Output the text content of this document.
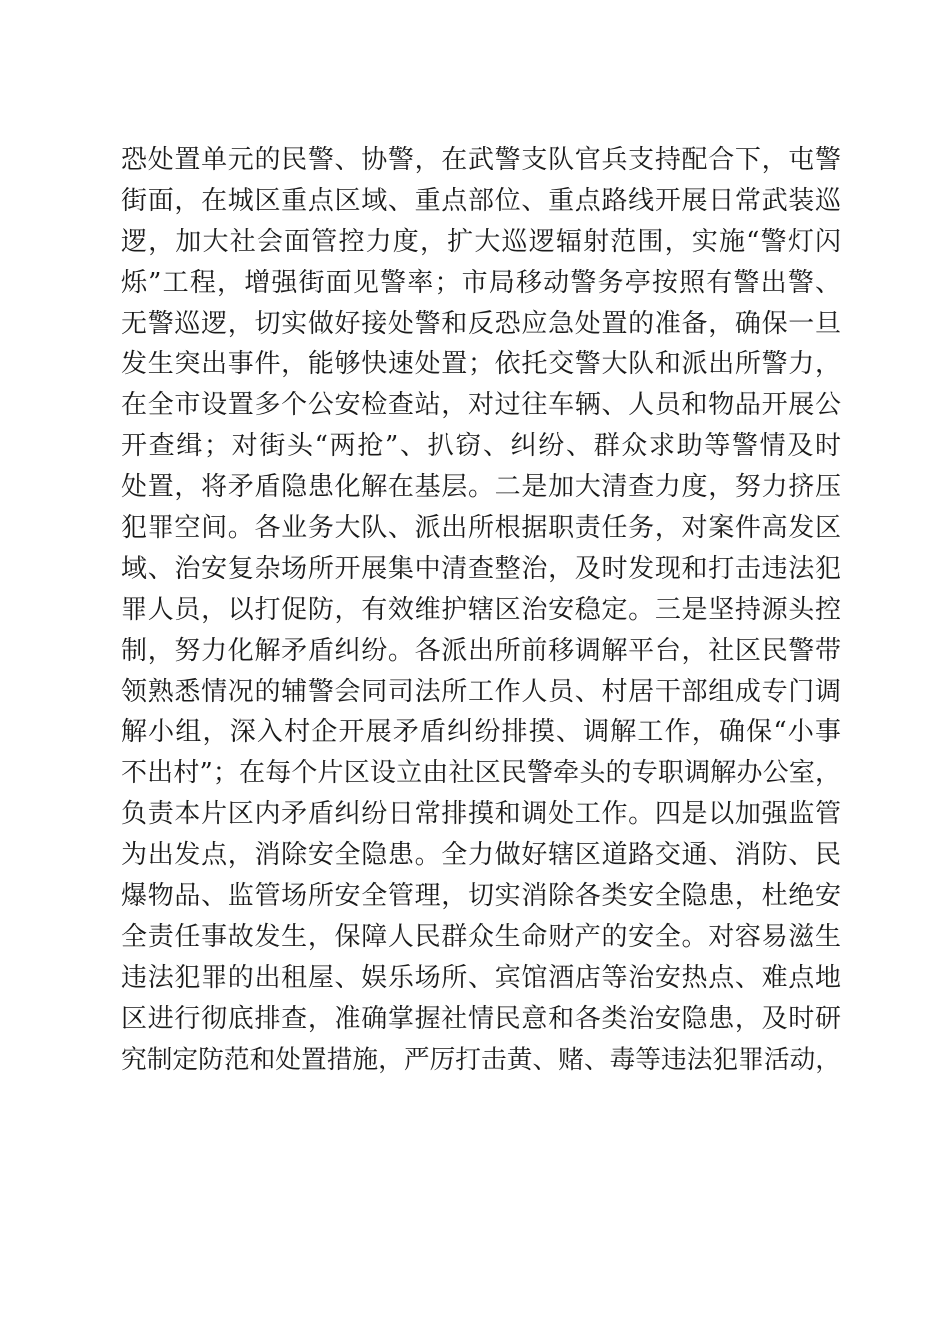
恐处置单元的民警、协警，在武警支队官兵支持配合下，屯警
街面，在城区重点区域、重点部位、重点路线开展日常武装巡
逻，加大社会面管控力度，扩大巡逻辐射范围，实施“警灯闪
烁”工程，增强街面见警率；市局移动警务亭按照有警出警、
无警巡逻，切实做好接处警和反恐应急处置的准备，确保一旦
发生突出事件，能够快速处置；依托交警大队和派出所警力，
在全市设置多个公安检查站，对过往车辆、人员和物品开展公
开查缉；对街头“两抢”、扒窃、纠纷、群众求助等警情及时
处置，将矛盾隐患化解在基层。二是加大清查力度，努力挤压
犯罪空间。各业务大队、派出所根据职责任务，对案件高发区
域、治安复杂场所开展集中清查整治，及时发现和打击违法犯
罪人员，以打促防，有效维护辖区治安稳定。三是坚持源头控
制，努力化解矛盾纠纷。各派出所前移调解平台，社区民警带
领熟悉情况的辅警会同司法所工作人员、村居干部组成专门调
解小组，深入村企开展矛盾纠纷排摸、调解工作，确保“小事
不出村”；在每个片区设立由社区民警牵头的专职调解办公室，
负责本片区内矛盾纠纷日常排摸和调处工作。四是以加强监管
为出发点，消除安全隐患。全力做好辖区道路交通、消防、民
爆物品、监管场所安全管理，切实消除各类安全隐患，杜绝安
全责任事故发生，保障人民群众生命财产的安全。对容易滋生
违法犯罪的出租屋、娱乐场所、宾馆酒店等治安热点、难点地
区进行彻底排查，准确掌握社情民意和各类治安隐患，及时研
究制定防范和处置措施，严厉打击黄、赌、毒等违法犯罪活动，
